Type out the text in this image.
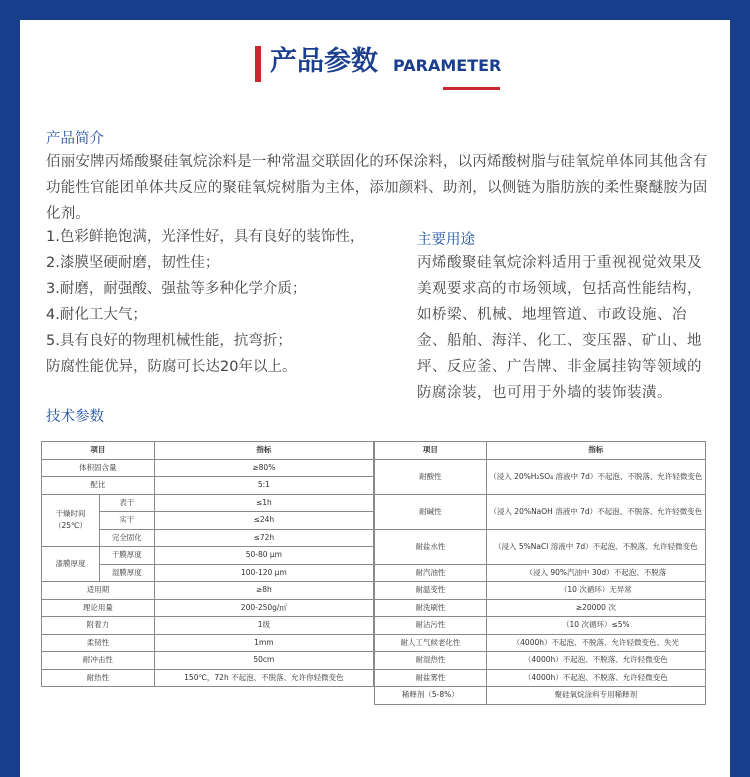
产品参数 PARAMETER
产品简介
佰丽安牌丙烯酸聚硅氧烷涂料是一种常温交联固化的环保涂料，以丙烯酸树脂与硅氧烷单体同其他含有功能性官能团单体共反应的聚硅氧烷树脂为主体，添加颜料、助剂，以侧链为脂肪族的柔性聚醚胺为固化剂。
1.色彩鲜艳饱满，光泽性好，具有良好的装饰性，
2.漆膜坚硬耐磨，韧性佳；
3.耐磨，耐强酸、强盐等多种化学介质；
4.耐化工大气；
5.具有良好的物理机械性能，抗弯折；
防腐性能优异，防腐可长达20年以上。
主要用途
丙烯酸聚硅氧烷涂料适用于重视视觉效果及美观要求高的市场领域，包括高性能结构，如桥梁、机械、地埋管道、市政设施、冶金、船舶、海洋、化工、变压器、矿山、地坪、反应釜、广告牌、非金属挂钩等领域的防腐涂装，也可用于外墙的装饰装潢。
技术参数
项目		指标
体积固含量		≥80%
配比		5:1
干燥时间（25℃）	表干	≤1h
	实干	≤24h
	完全固化	≤72h
漆膜厚度	干膜厚度	50-80 μm
	湿膜厚度	100-120 μm
适用期		≥8h
理论用量		200-250g/㎡
附着力		1级
柔韧性		1mm
耐冲击性		50cm
耐热性		150℃，72h 不起泡、不脱落、允许你轻微变色
项目	指标
耐酸性	（浸入 20%H₂SO₄ 溶液中 7d）不起泡、不脱落、允许轻微变色
耐碱性	（浸入 20%NaOH 溶液中 7d）不起泡、不脱落、允许轻微变色
耐盐水性	（浸入 5%NaCl 溶液中 7d）不起泡、不脱落、允许轻微变色
耐汽油性	（浸入 90%汽油中 30d）不起泡、不脱落
耐温变性	（10 次循环）无异常
耐洗刷性	≥20000 次
耐沾污性	（10 次循环）≤5%
耐人工气候老化性	（4000h）不起泡、不脱落、允许轻微变色、失光
耐湿热性	（4000h）不起泡、不脱落、允许轻微变色
耐盐雾性	（4000h）不起泡、不脱落、允许轻微变色
稀释剂（5-8%）	聚硅氧烷涂料专用稀释剂
